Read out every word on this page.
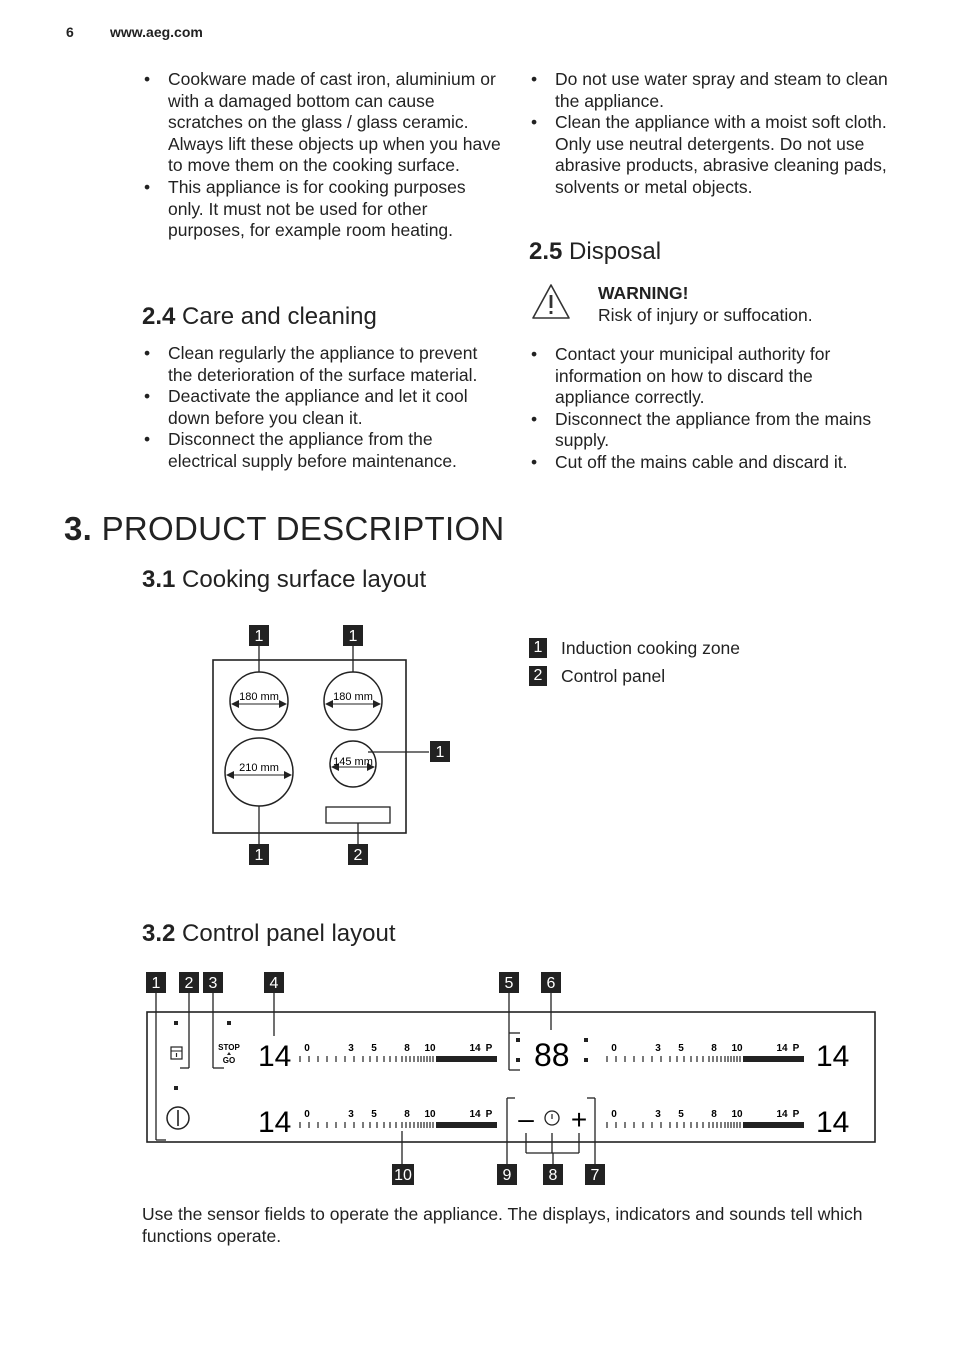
6	www.aeg.com
• Cookware made of cast iron, aluminium or with a damaged bottom can cause scratches on the glass / glass ceramic. Always lift these objects up when you have to move them on the cooking surface.
• This appliance is for cooking purposes only. It must not be used for other purposes, for example room heating.
2.4 Care and cleaning
• Clean regularly the appliance to prevent the deterioration of the surface material.
• Deactivate the appliance and let it cool down before you clean it.
• Disconnect the appliance from the electrical supply before maintenance.
• Do not use water spray and steam to clean the appliance.
• Clean the appliance with a moist soft cloth. Only use neutral detergents. Do not use abrasive products, abrasive cleaning pads, solvents or metal objects.
2.5 Disposal
WARNING!
Risk of injury or suffocation.
• Contact your municipal authority for information on how to discard the appliance correctly.
• Disconnect the appliance from the mains supply.
• Cut off the mains cable and discard it.
3. PRODUCT DESCRIPTION
3.1 Cooking surface layout
180 mm	180 mm
210 mm	145 mm
1	1
1
1	2
1 Induction cooking zone
2 Control panel
3.2 Control panel layout
1 2 3	4	5 6
STOP
GO 14
14
14
14
88
0	3 5	8 10	14 P
0	3 5	8 10	14 P
0	3 5	8 10	14 P
0	3 5	8 10	14 P
– +
10	9 8 7
Use the sensor fields to operate the appliance. The displays, indicators and sounds tell which functions operate.
